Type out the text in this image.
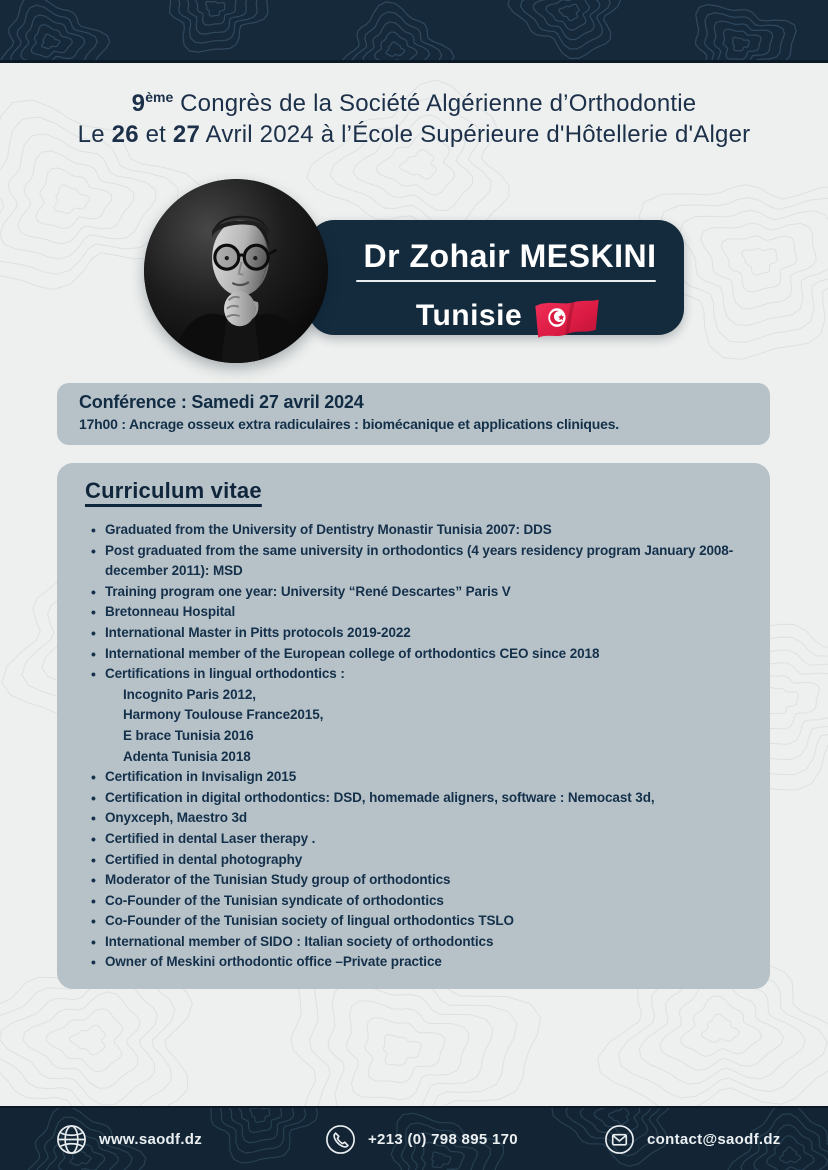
9ème Congrès de la Société Algérienne d’Orthodontie
Le 26 et 27 Avril 2024 à l’École Supérieure d'Hôtellerie d'Alger
Dr Zohair MESKINI
Tunisie
Conférence : Samedi 27 avril 2024
17h00 : Ancrage osseux extra radiculaires : biomécanique et applications cliniques.
Curriculum vitae
• Graduated from the University of Dentistry Monastir Tunisia 2007: DDS
• Post graduated from the same university in orthodontics (4 years residency program January 2008-december 2011): MSD
• Training program one year: University “René Descartes” Paris V
• Bretonneau Hospital
• International Master in Pitts protocols 2019-2022
• International member of the European college of orthodontics CEO since 2018
• Certifications in lingual orthodontics :
Incognito Paris 2012,
Harmony Toulouse France2015,
E brace Tunisia 2016
Adenta Tunisia 2018
• Certification in Invisalign 2015
• Certification in digital orthodontics: DSD, homemade aligners, software : Nemocast 3d,
• Onyxceph, Maestro 3d
• Certified in dental Laser therapy .
• Certified in dental photography
• Moderator of the Tunisian Study group of orthodontics
• Co-Founder of the Tunisian syndicate of orthodontics
• Co-Founder of the Tunisian society of lingual orthodontics TSLO
• International member of SIDO : Italian society of orthodontics
• Owner of Meskini orthodontic office –Private practice
www.saodf.dz	+213 (0) 798 895 170	contact@saodf.dz
